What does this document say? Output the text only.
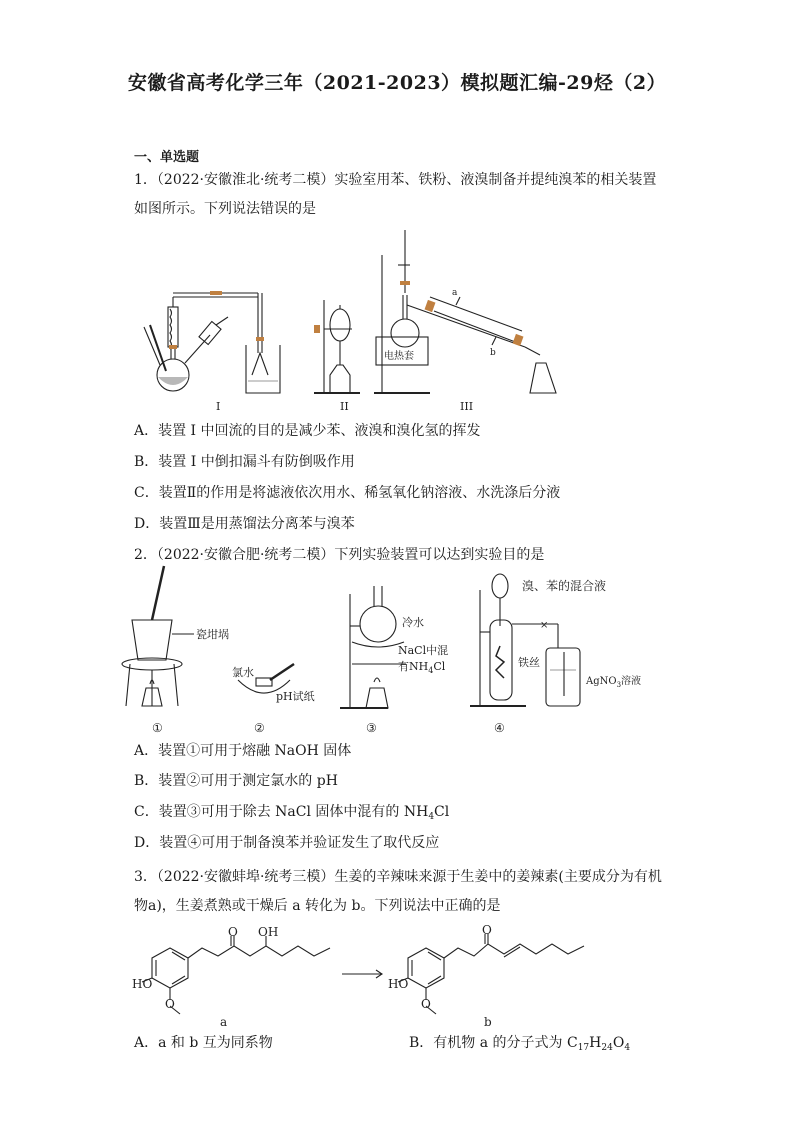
安徽省高考化学三年（2021-2023）模拟题汇编-29烃（2）
一、单选题
1．（2022·安徽淮北·统考二模）实验室用苯、铁粉、液溴制备并提纯溴苯的相关装置如图所示。下列说法错误的是
电热套
a
b
I	II	III
A．装置 I 中回流的目的是减少苯、液溴和溴化氢的挥发
B．装置 I 中倒扣漏斗有防倒吸作用
C．装置Ⅱ的作用是将滤液依次用水、稀氢氧化钠溶液、水洗涤后分液
D．装置Ⅲ是用蒸馏法分离苯与溴苯
2．（2022·安徽合肥·统考二模）下列实验装置可以达到实验目的是
×
瓷坩埚
氯水
pH试纸
冷水
NaCl中混
有$NH_4Cl$
溴、苯的混合液
铁丝
AgNO$_3$溶液
①	②	③	④
A．装置①可用于熔融 NaOH 固体
B．装置②可用于测定氯水的 pH
C．装置③可用于除去 NaCl 固体中混有的 $NH_4Cl$
D．装置④可用于制备溴苯并验证发生了取代反应
3．（2022·安徽蚌埠·统考三模）生姜的辛辣味来源于生姜中的姜辣素(主要成分为有机物a)，生姜煮熟或干燥后 a 转化为 b。下列说法中正确的是
HO
O
O OH
a
HO
O
O
b
A．a 和 b 互为同系物	B．有机物 a 的分子式为 $C_{17}H_{24}O_4$
